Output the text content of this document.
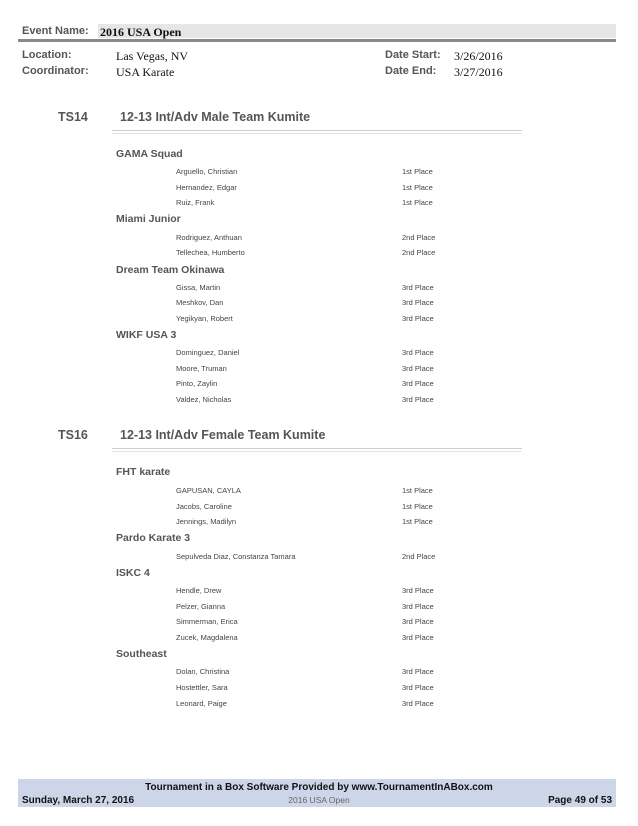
Event Name: 2016 USA Open
Location:	Las Vegas, NV
Coordinator: USA Karate
Date Start: 3/26/2016
Date End: 3/27/2016
TS14	12-13 Int/Adv Male Team Kumite
GAMA Squad
Arguello, Christian	1st Place
Hernandez, Edgar	1st Place
Ruiz, Frank	1st Place
Miami Junior
Rodriguez, Anthuan	2nd Place
Tellechea, Humberto	2nd Place
Dream Team Okinawa
Gissa, Martin	3rd Place
Meshkov, Dan	3rd Place
Yegikyan, Robert	3rd Place
WIKF USA 3
Dominguez, Daniel	3rd Place
Moore, Truman	3rd Place
Pinto, Zaylin	3rd Place
Valdez, Nicholas	3rd Place
TS16	12-13 Int/Adv Female Team Kumite
FHT karate
GAPUSAN, CAYLA	1st Place
Jacobs, Caroline	1st Place
Jennings, Madilyn	1st Place
Pardo Karate 3
Sepulveda Diaz, Constanza Tamara	2nd Place
ISKC 4
Hendle, Drew	3rd Place
Pelzer, Gianna	3rd Place
Simmerman, Erica	3rd Place
Zucek, Magdalena	3rd Place
Southeast
Dolan, Christina	3rd Place
Hostettler, Sara	3rd Place
Leonard, Paige	3rd Place
Tournament in a Box Software Provided by www.TournamentInABox.com
Sunday, March 27, 2016	2016 USA Open	Page 49 of 53
